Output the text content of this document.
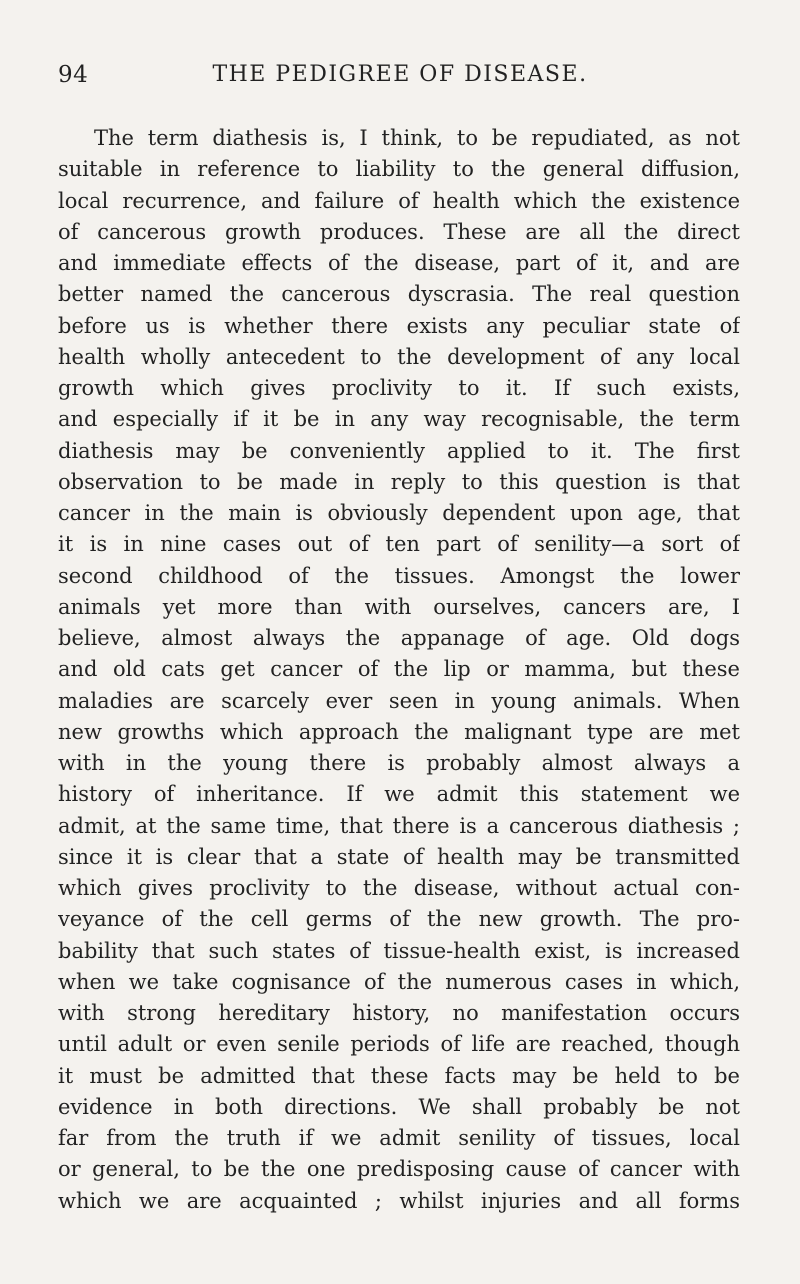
94	THE PEDIGREE OF DISEASE.
The term diathesis is, I think, to be repudiated, as not
suitable in reference to liability to the general diffusion,
local recurrence, and failure of health which the existence
of cancerous growth produces. These are all the direct
and immediate effects of the disease, part of it, and are
better named the cancerous dyscrasia. The real question
before us is whether there exists any peculiar state of
health wholly antecedent to the development of any local
growth which gives proclivity to it. If such exists,
and especially if it be in any way recognisable, the term
diathesis may be conveniently applied to it. The first
observation to be made in reply to this question is that
cancer in the main is obviously dependent upon age, that
it is in nine cases out of ten part of senility—a sort of
second childhood of the tissues. Amongst the lower
animals yet more than with ourselves, cancers are, I
believe, almost always the appanage of age. Old dogs
and old cats get cancer of the lip or mamma, but these
maladies are scarcely ever seen in young animals. When
new growths which approach the malignant type are met
with in the young there is probably almost always a
history of inheritance. If we admit this statement we
admit, at the same time, that there is a cancerous diathesis ;
since it is clear that a state of health may be transmitted
which gives proclivity to the disease, without actual con-
veyance of the cell germs of the new growth. The pro-
bability that such states of tissue-health exist, is increased
when we take cognisance of the numerous cases in which,
with strong hereditary history, no manifestation occurs
until adult or even senile periods of life are reached, though
it must be admitted that these facts may be held to be
evidence in both directions. We shall probably be not
far from the truth if we admit senility of tissues, local
or general, to be the one predisposing cause of cancer with
which we are acquainted ; whilst injuries and all forms
